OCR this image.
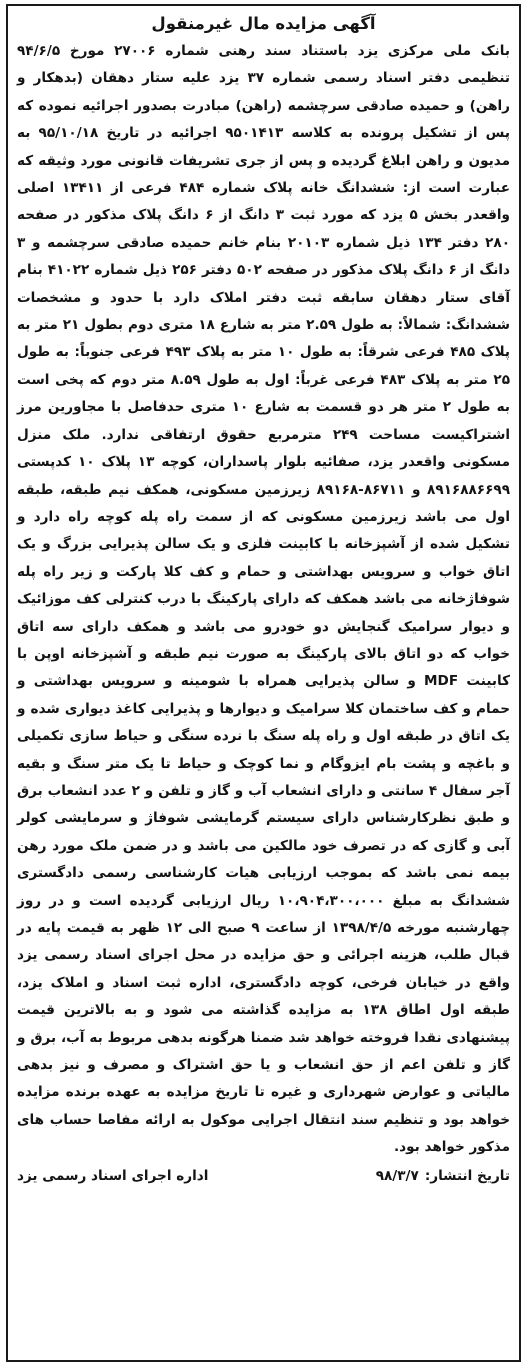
آگهی مزایده مال غیرمنقول

بانک ملی مرکزی یزد باستناد سند رهنی شماره ۲۷۰۰۶ مورخ ۹۴/۶/۵ تنظیمی دفتر اسناد رسمی شماره ۳۷ یزد علیه ستار دهقان (بدهکار و راهن) و حمیده صادقی سرچشمه (راهن) مبادرت بصدور اجرائیه نموده که پس از تشکیل پرونده به کلاسه ۹۵۰۱۴۱۳ اجرائیه در تاریخ ۹۵/۱۰/۱۸ به مدیون و راهن ابلاغ گردیده و پس از جری تشریفات قانونی مورد وثیقه که عبارت است از: ششدانگ خانه پلاک شماره ۴۸۴ فرعی از ۱۳۴۱۱ اصلی واقعدر بخش ۵ یزد که مورد ثبت ۳ دانگ از ۶ دانگ پلاک مذکور در صفحه ۲۸۰ دفتر ۱۳۴ ذیل شماره ۲۰۱۰۳ بنام خانم حمیده صادقی سرچشمه و ۳ دانگ از ۶ دانگ پلاک مذکور در صفحه ۵۰۲ دفتر ۲۵۶ ذیل شماره ۴۱۰۲۲ بنام آقای ستار دهقان سابقه ثبت دفتر املاک دارد با حدود و مشخصات ششدانگ: شمالاً: به طول ۲.۵۹ متر به شارع ۱۸ متری دوم بطول ۲۱ متر به پلاک ۴۸۵ فرعی شرقاً: به طول ۱۰ متر به پلاک ۴۹۳ فرعی جنوباً: به طول ۲۵ متر به پلاک ۴۸۳ فرعی غرباً: اول به طول ۸.۵۹ متر دوم که پخی است به طول ۲ متر هر دو قسمت به شارع ۱۰ متری حدفاصل با مجاورین مرز اشتراکیست مساحت ۲۴۹ مترمربع حقوق ارتفاقی ندارد. ملک منزل مسکونی واقعدر یزد، صفائیه بلوار پاسداران، کوچه ۱۳ پلاک ۱۰ کدپستی ۸۹۱۶۸۸۶۶۹۹ و ۸۶۷۱۱-۸۹۱۶۸ زیرزمین مسکونی، همکف نیم طبقه، طبقه اول می باشد زیرزمین مسکونی که از سمت راه پله کوچه راه دارد و تشکیل شده از آشپزخانه با کابینت فلزی و یک سالن پذیرایی بزرگ و یک اتاق خواب و سرویس بهداشتی و حمام و کف کلا پارکت و زیر راه پله شوفاژخانه می باشد همکف که دارای پارکینگ با درب کنترلی کف موزائیک و دیوار سرامیک گنجایش دو خودرو می باشد و همکف دارای سه اتاق خواب که دو اتاق بالای پارکینگ به صورت نیم طبقه و آشپزخانه اوپن با کابینت MDF و سالن پذیرایی همراه با شومینه و سرویس بهداشتی و حمام و کف ساختمان کلا سرامیک و دیوارها و پذیرایی کاغذ دیواری شده و یک اتاق در طبقه اول و راه پله سنگ با نرده سنگی و حیاط سازی تکمیلی و باغچه و پشت بام ایزوگام و نما کوچک و حیاط تا یک متر سنگ و بقیه آجر سفال ۴ سانتی و دارای انشعاب آب و گاز و تلفن و ۲ عدد انشعاب برق و طبق نظرکارشناس دارای سیستم گرمایشی شوفاژ و سرمایشی کولر آبی و گازی که در تصرف خود مالکین می باشد و در ضمن ملک مورد رهن بیمه نمی باشد که بموجب ارزیابی هیات کارشناسی رسمی دادگستری ششدانگ به مبلغ ۱۰،۹۰۴،۳۰۰،۰۰۰ ریال ارزیابی گردیده است و در روز چهارشنبه مورخه ۱۳۹۸/۴/۵ از ساعت ۹ صبح الی ۱۲ ظهر به قیمت پایه در قبال طلب، هزینه اجرائی و حق مزایده در محل اجرای اسناد رسمی یزد واقع در خیابان فرخی، کوچه دادگستری، اداره ثبت اسناد و املاک یزد، طبقه اول اطاق ۱۳۸ به مزایده گذاشته می شود و به بالاترین قیمت پیشنهادی نقدا فروخته خواهد شد ضمنا هرگونه بدهی مربوط به آب، برق و گاز و تلفن اعم از حق انشعاب و یا حق اشتراک و مصرف و نیز بدهی مالیاتی و عوارض شهرداری و غیره تا تاریخ مزایده به عهده برنده مزایده خواهد بود و تنظیم سند انتقال اجرایی موکول به ارائه مفاصا حساب های مذکور خواهد بود.

تاریخ انتشار:
۹۸/۳/۷
اداره اجرای اسناد رسمی یزد
